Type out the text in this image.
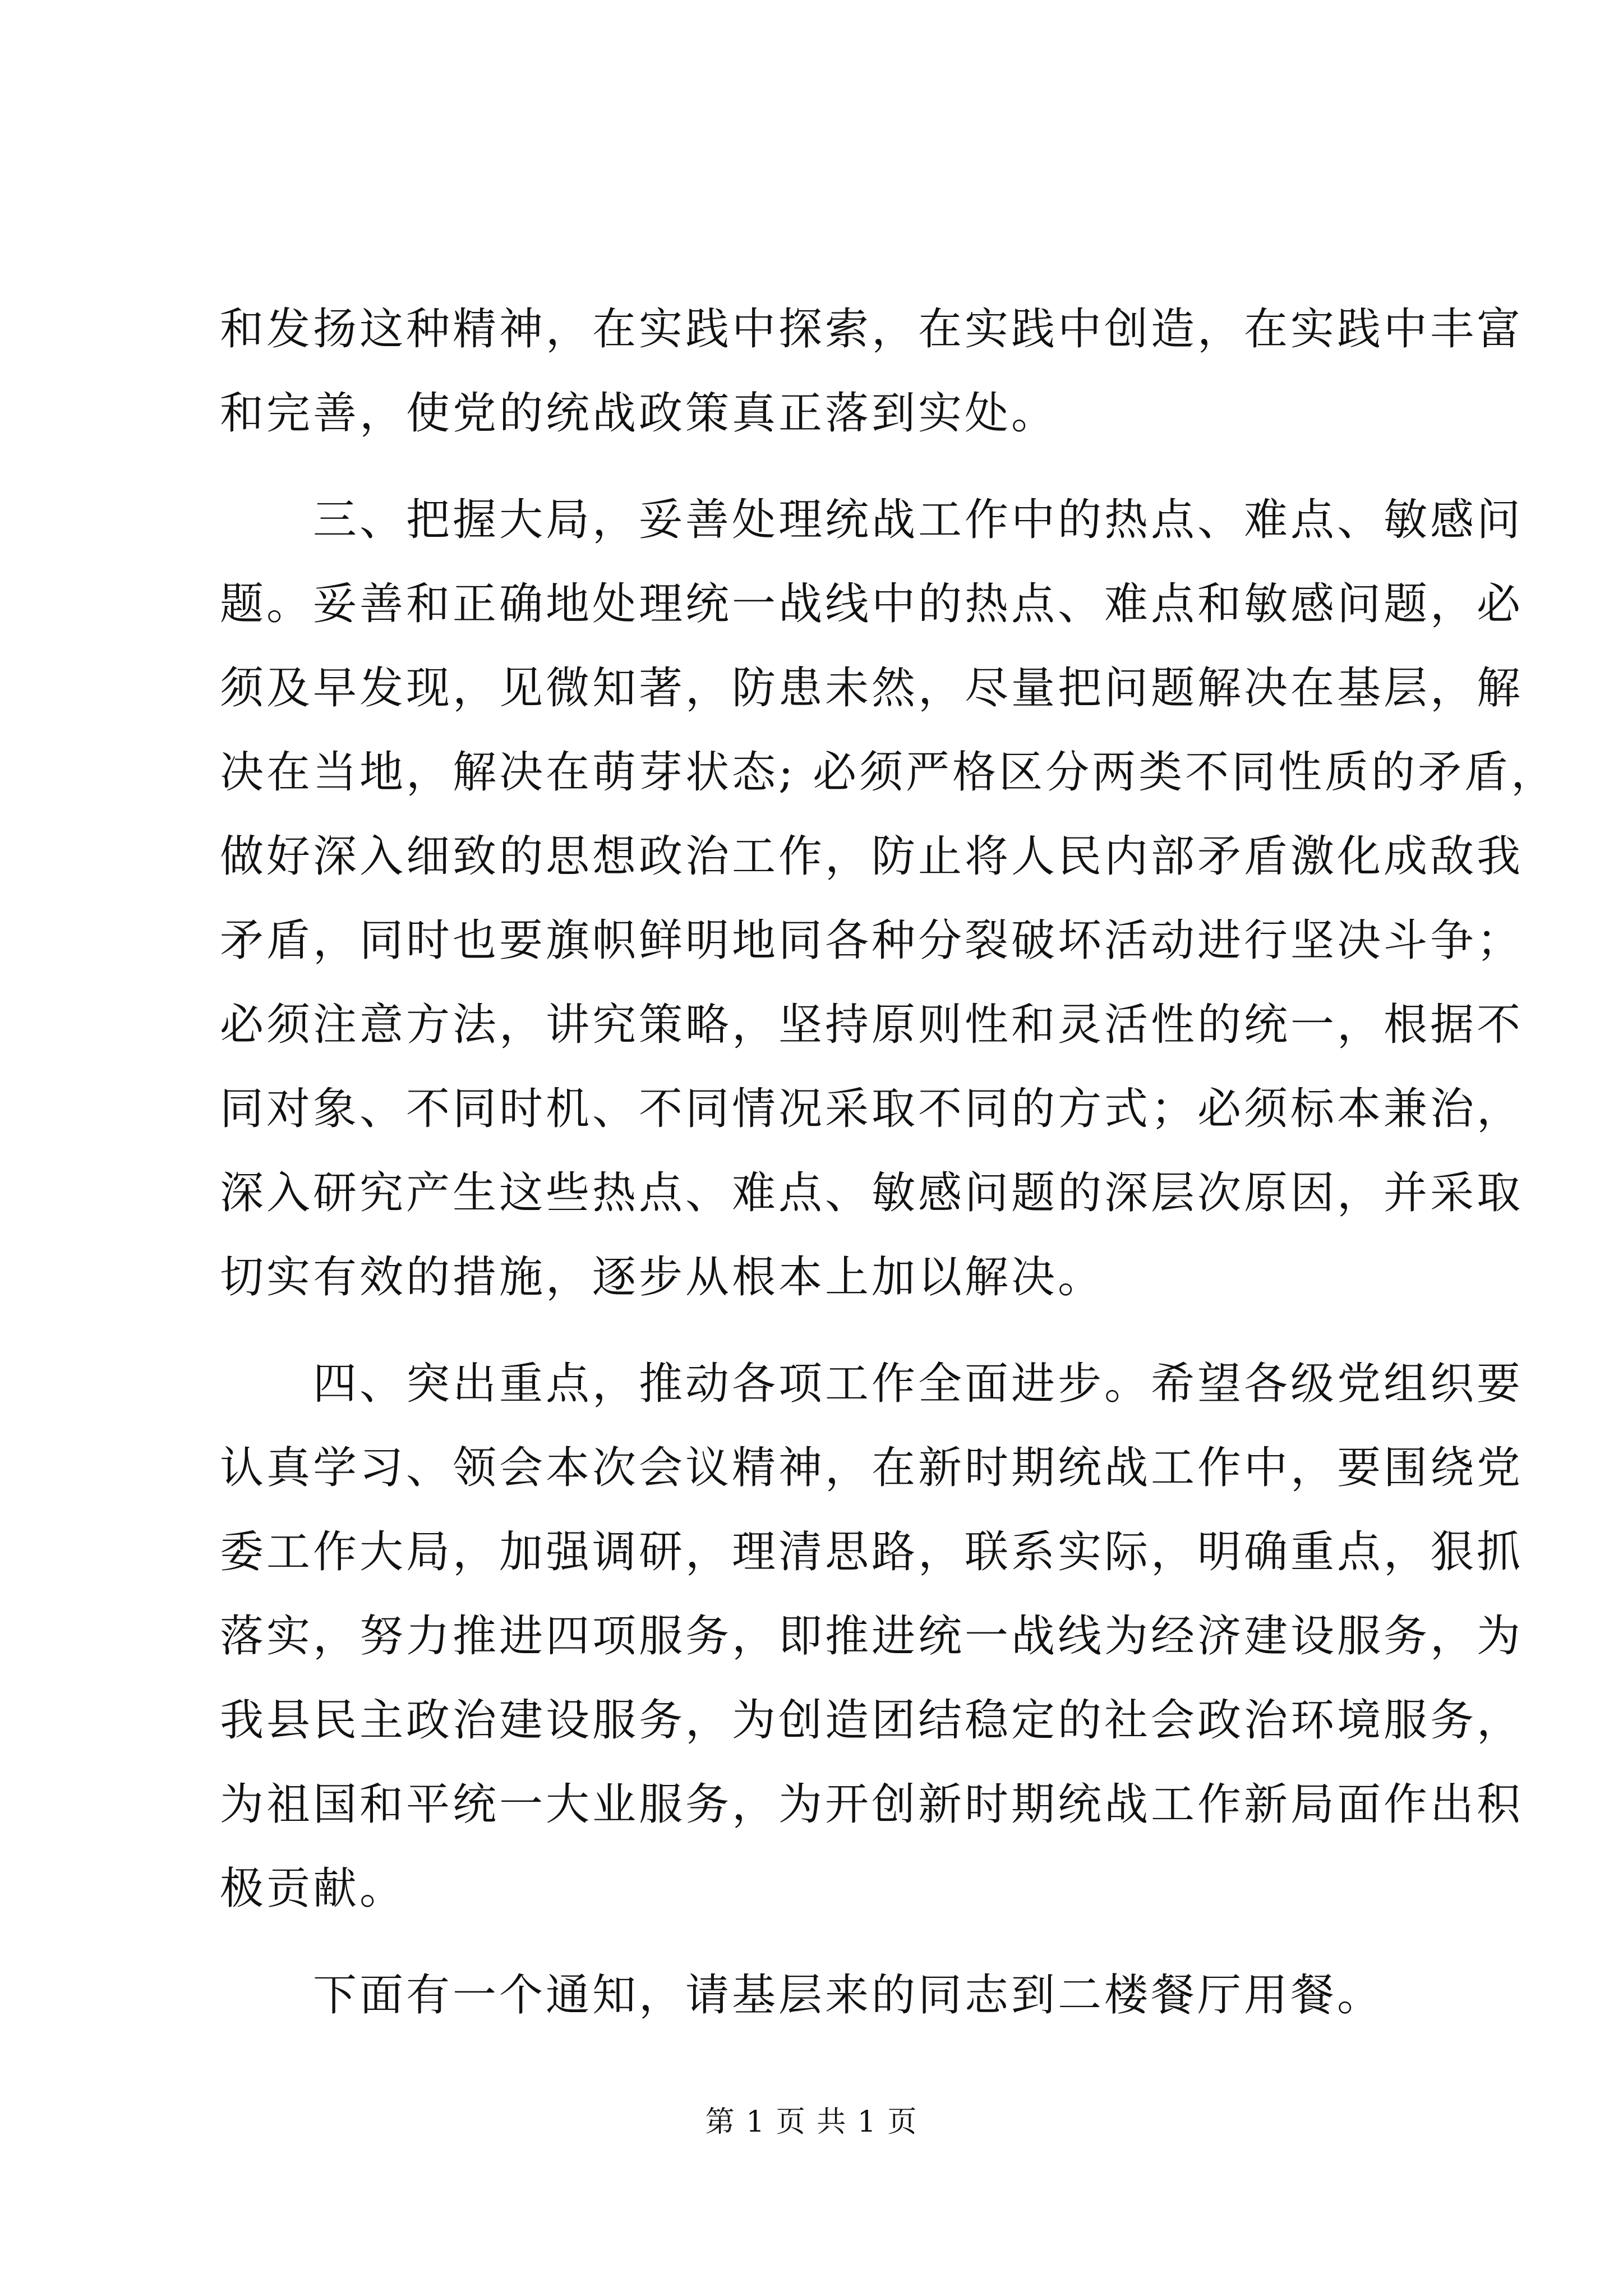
和发扬这种精神，在实践中探索，在实践中创造，在实践中丰富
和完善，使党的统战政策真正落到实处。
　　三、把握大局，妥善处理统战工作中的热点、难点、敏感问
题。妥善和正确地处理统一战线中的热点、难点和敏感问题，必
须及早发现，见微知著，防患未然，尽量把问题解决在基层，解
决在当地，解决在萌芽状态; 必须严格区分两类不同性质的矛盾，
做好深入细致的思想政治工作，防止将人民内部矛盾激化成敌我
矛盾，同时也要旗帜鲜明地同各种分裂破坏活动进行坚决斗争；
必须注意方法，讲究策略，坚持原则性和灵活性的统一，根据不
同对象、不同时机、不同情况采取不同的方式；必须标本兼治，
深入研究产生这些热点、难点、敏感问题的深层次原因，并采取
切实有效的措施，逐步从根本上加以解决。
　　四、突出重点，推动各项工作全面进步。希望各级党组织要
认真学习、领会本次会议精神，在新时期统战工作中，要围绕党
委工作大局，加强调研，理清思路，联系实际，明确重点，狠抓
落实，努力推进四项服务，即推进统一战线为经济建设服务，为
我县民主政治建设服务，为创造团结稳定的社会政治环境服务，
为祖国和平统一大业服务，为开创新时期统战工作新局面作出积
极贡献。
　　下面有一个通知，请基层来的同志到二楼餐厅用餐。
第 1 页 共 1 页
